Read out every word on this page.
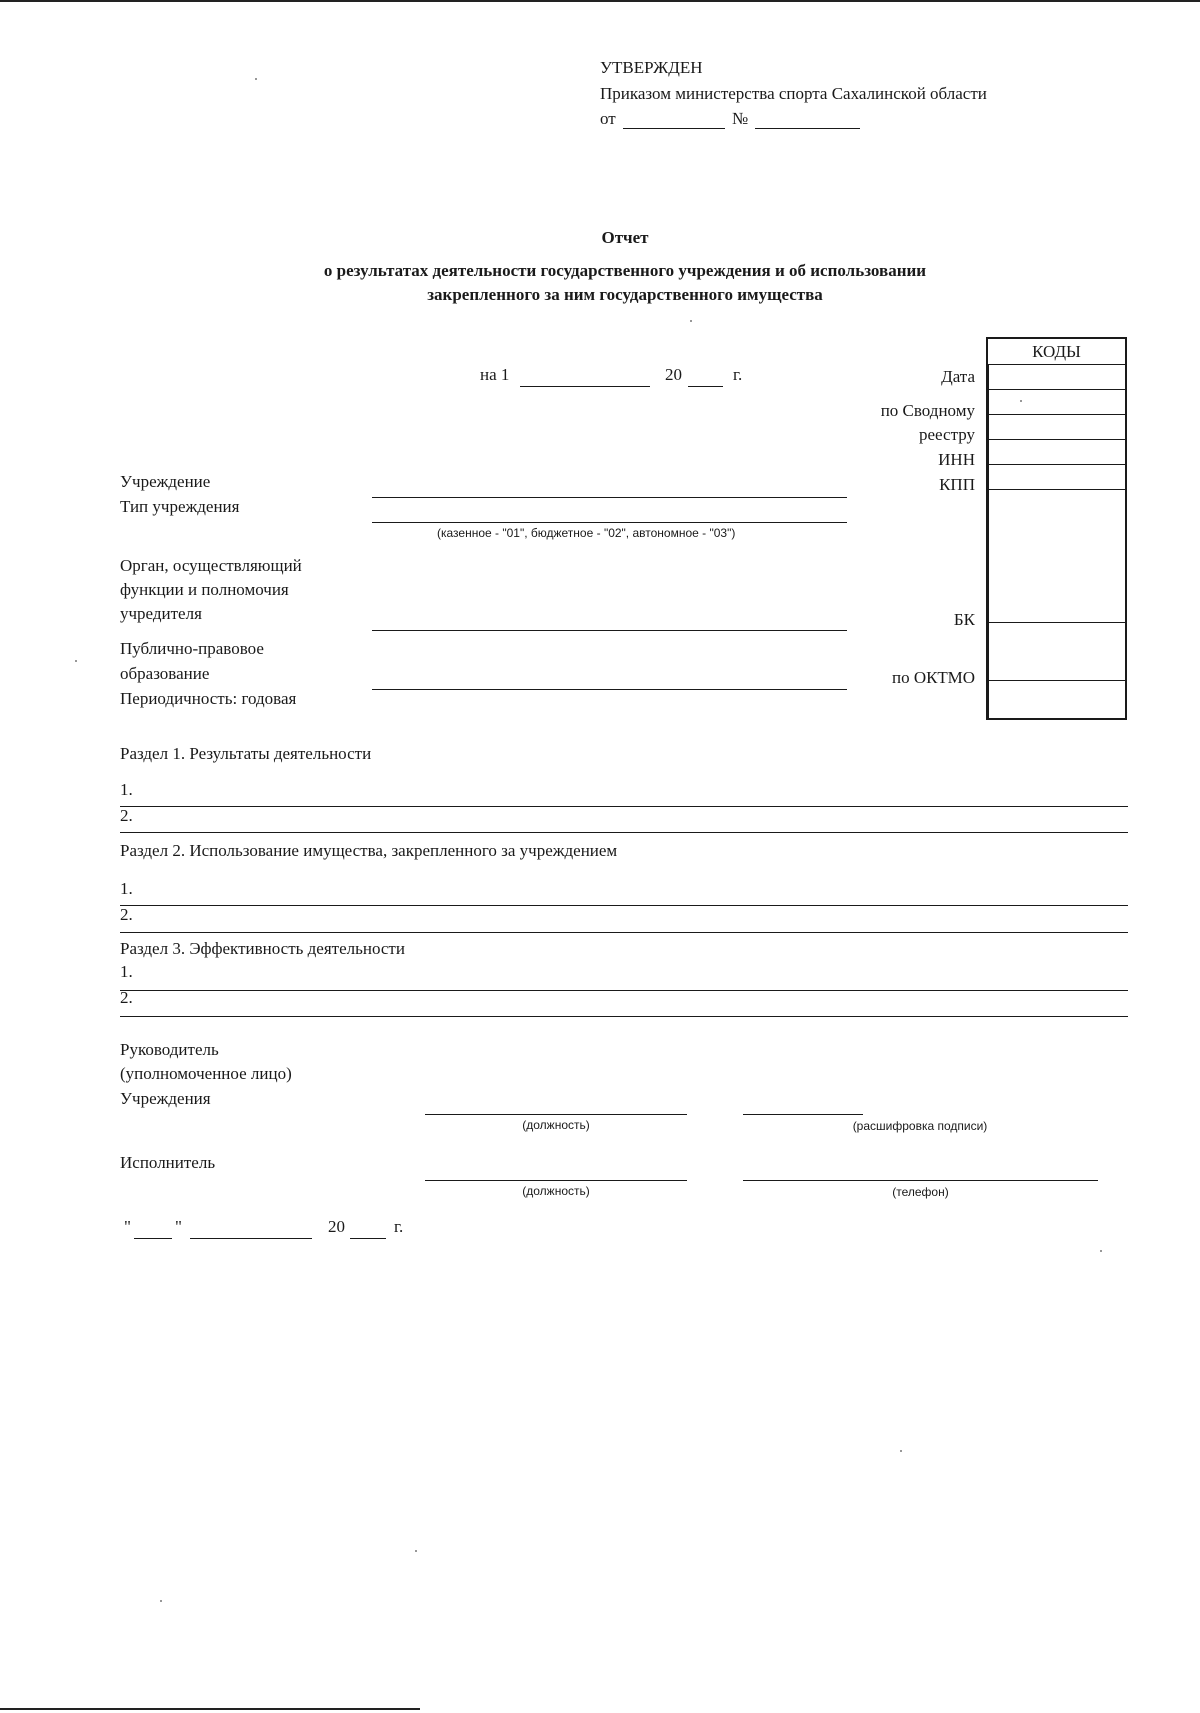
УТВЕРЖДЕН
Приказом министерства спорта Сахалинской области
от	№
Отчет
о результатах деятельности государственного учреждения и об использовании
закрепленного за ним государственного имущества
на 1	20	г.
КОДЫ
Дата
по Сводному
реестру
ИНН
КПП
БК
по ОКТМО
Учреждение
Тип учреждения
(казенное - "01", бюджетное - "02", автономное - "03")
Орган, осуществляющий
функции и полномочия
учредителя
Публично-правовое
образование
Периодичность: годовая
Раздел 1. Результаты деятельности
1.
2.
Раздел 2. Использование имущества, закрепленного за учреждением
1.
2.
Раздел 3. Эффективность деятельности
1.
2.
Руководитель
(уполномоченное лицо)
Учреждения
(должность)	(расшифровка подписи)
Исполнитель
(должность)	(телефон)
"	"	20	г.
